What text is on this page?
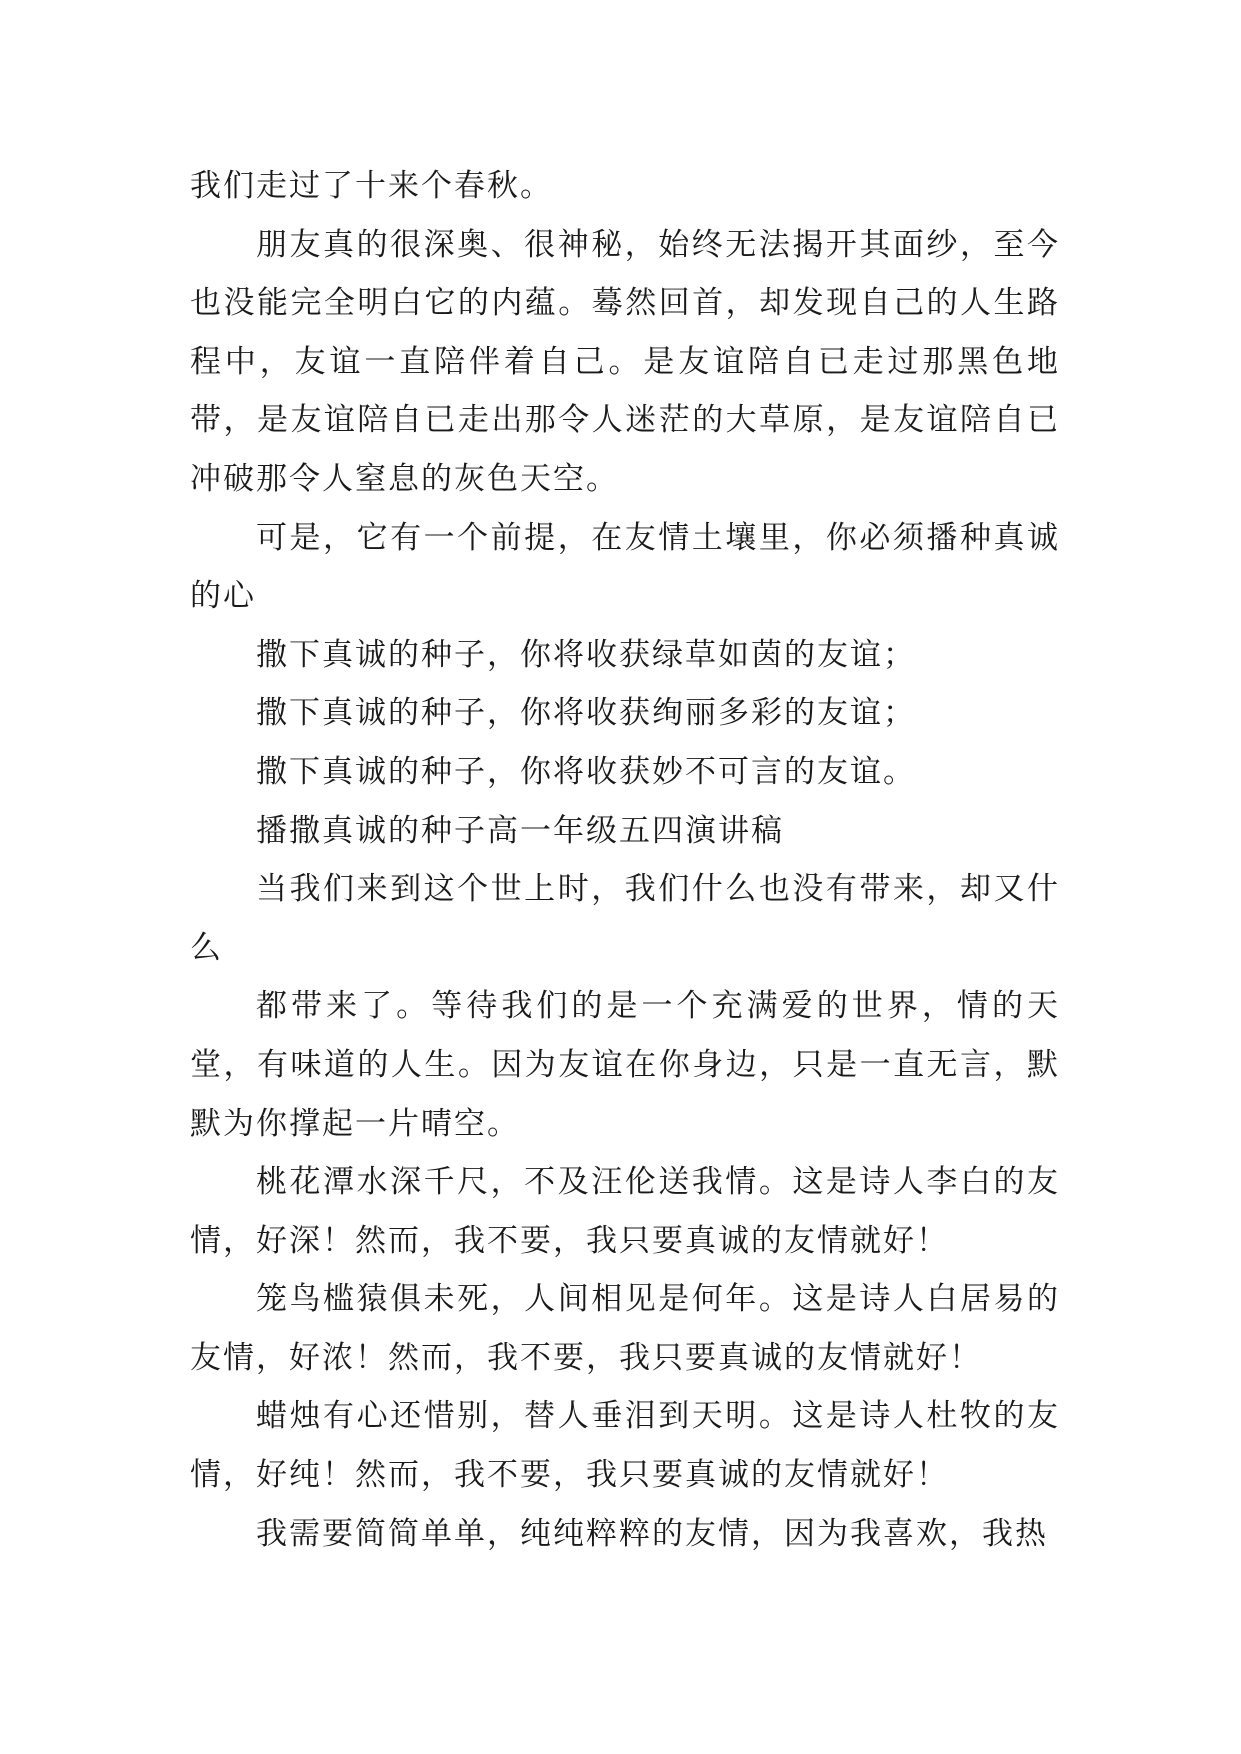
我们走过了十来个春秋。

朋友真的很深奥、很神秘，始终无法揭开其面纱，至今也没能完全明白它的内蕴。蓦然回首，却发现自己的人生路程中，友谊一直陪伴着自己。是友谊陪自已走过那黑色地带，是友谊陪自已走出那令人迷茫的大草原，是友谊陪自已冲破那令人窒息的灰色天空。

可是，它有一个前提，在友情土壤里，你必须播种真诚的心

撒下真诚的种子，你将收获绿草如茵的友谊；

撒下真诚的种子，你将收获绚丽多彩的友谊；

撒下真诚的种子，你将收获妙不可言的友谊。

播撒真诚的种子高一年级五四演讲稿

当我们来到这个世上时，我们什么也没有带来，却又什么

都带来了。等待我们的是一个充满爱的世界，情的天堂，有味道的人生。因为友谊在你身边，只是一直无言，默默为你撑起一片晴空。

桃花潭水深千尺，不及汪伦送我情。这是诗人李白的友情，好深！然而，我不要，我只要真诚的友情就好！

笼鸟槛猿俱未死，人间相见是何年。这是诗人白居易的友情，好浓！然而，我不要，我只要真诚的友情就好！

蜡烛有心还惜别，替人垂泪到天明。这是诗人杜牧的友情，好纯！然而，我不要，我只要真诚的友情就好！

我需要简简单单，纯纯粹粹的友情，因为我喜欢，我热
